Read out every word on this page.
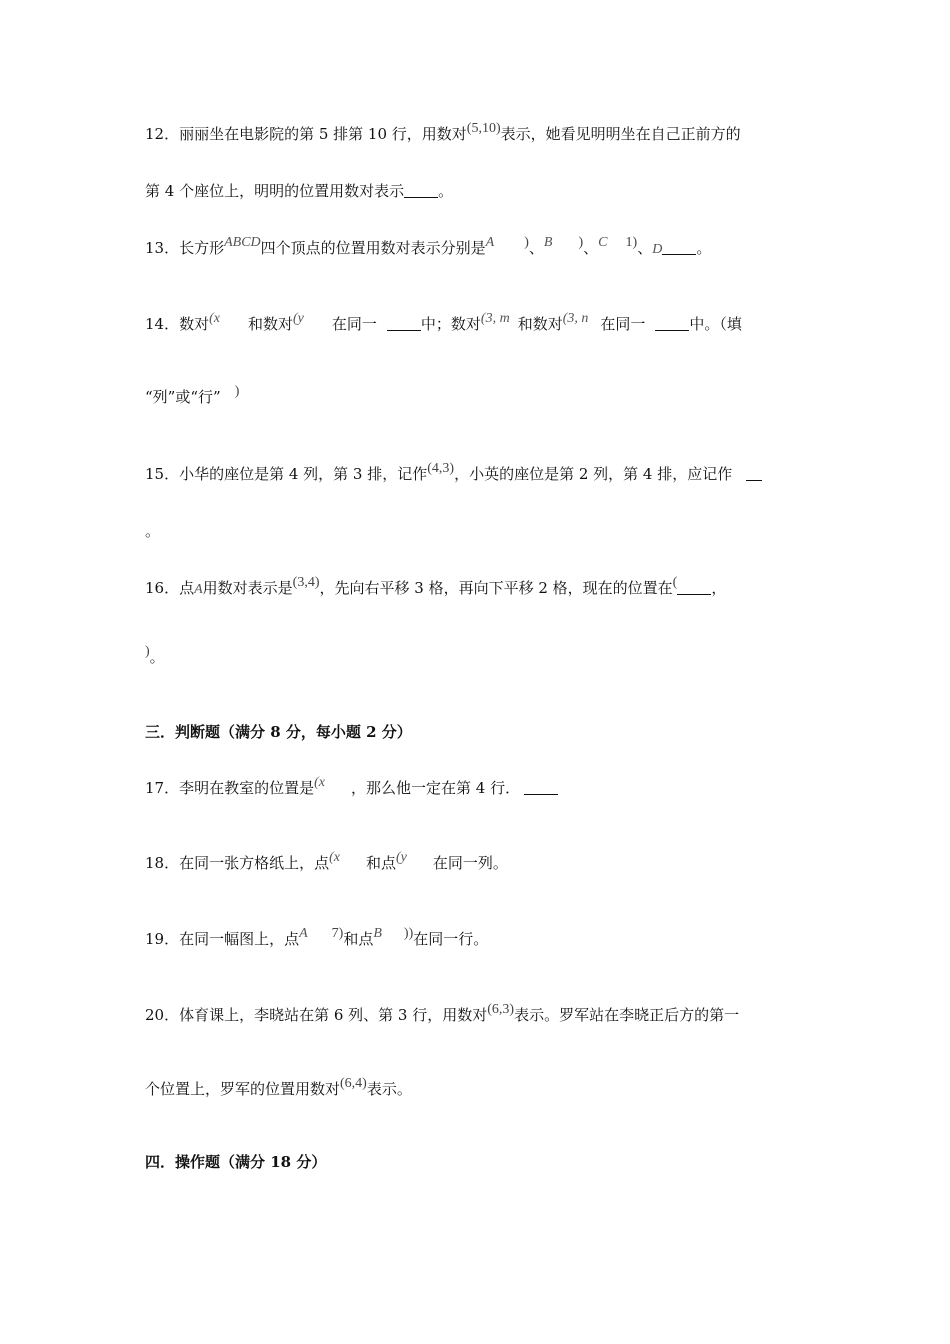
12．丽丽坐在电影院的第 5 排第 10 行，用数对(5,10)表示，她看见明明坐在自己正前方的
第 4 个座位上，明明的位置用数对表示 。
13．长方形ABCD四个顶点的位置用数对表示分别是A )、B )、C 1)、D 。
14．数对(x 和数对(y 在同一	中；数对(3, m 和数对(3, n 在同一	中。（填
“列”或“行” )
15．小华的座位是第 4 列，第 3 排，记作(4,3)，小英的座位是第 2 列，第 4 排，应记作
。
16．点A用数对表示是(3,4)，先向右平移 3 格，再向下平移 2 格，现在的位置在( ，
)。
三．判断题（满分 8 分，每小题 2 分）
17．李明在教室的位置是(x ，那么他一定在第 4 行．
18．在同一张方格纸上，点(x 和点(y 在同一列。
19．在同一幅图上，点A 7)和点B ))在同一行。
20．体育课上，李晓站在第 6 列、第 3 行，用数对(6,3)表示。罗军站在李晓正后方的第一
个位置上，罗军的位置用数对(6,4)表示。
四．操作题（满分 18 分）
